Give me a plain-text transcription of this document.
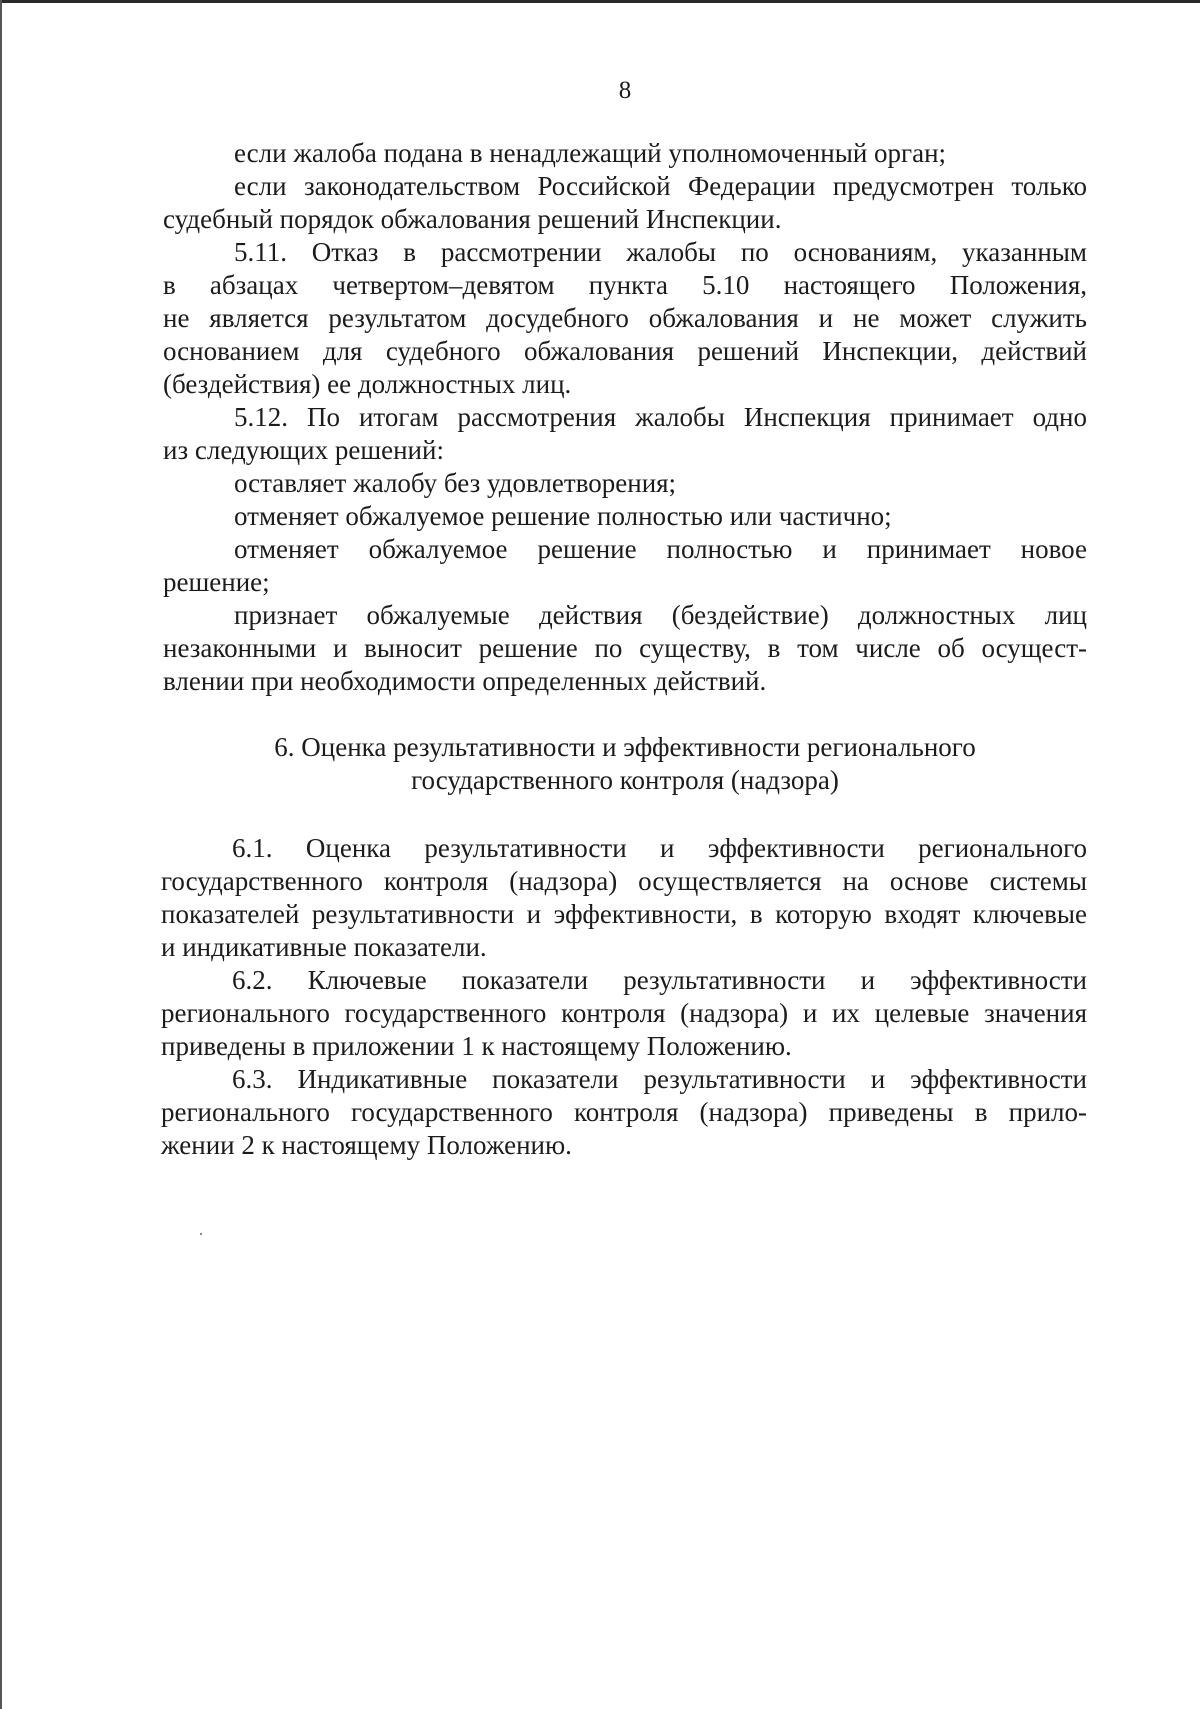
8
если жалоба подана в ненадлежащий уполномоченный орган;
если законодательством Российской Федерации предусмотрен только
судебный порядок обжалования решений Инспекции.
5.11. Отказ в рассмотрении жалобы по основаниям, указанным
в абзацах четвертом–девятом пункта 5.10 настоящего Положения,
не является результатом досудебного обжалования и не может служить
основанием для судебного обжалования решений Инспекции, действий
(бездействия) ее должностных лиц.
5.12. По итогам рассмотрения жалобы Инспекция принимает одно
из следующих решений:
оставляет жалобу без удовлетворения;
отменяет обжалуемое решение полностью или частично;
отменяет обжалуемое решение полностью и принимает новое
решение;
признает обжалуемые действия (бездействие) должностных лиц
незаконными и выносит решение по существу, в том числе об осущест-
влении при необходимости определенных действий.
6. Оценка результативности и эффективности регионального
государственного контроля (надзора)
6.1. Оценка результативности и эффективности регионального
государственного контроля (надзора) осуществляется на основе системы
показателей результативности и эффективности, в которую входят ключевые
и индикативные показатели.
6.2. Ключевые показатели результативности и эффективности
регионального государственного контроля (надзора) и их целевые значения
приведены в приложении 1 к настоящему Положению.
6.3. Индикативные показатели результативности и эффективности
регионального государственного контроля (надзора) приведены в прило-
жении 2 к настоящему Положению.
